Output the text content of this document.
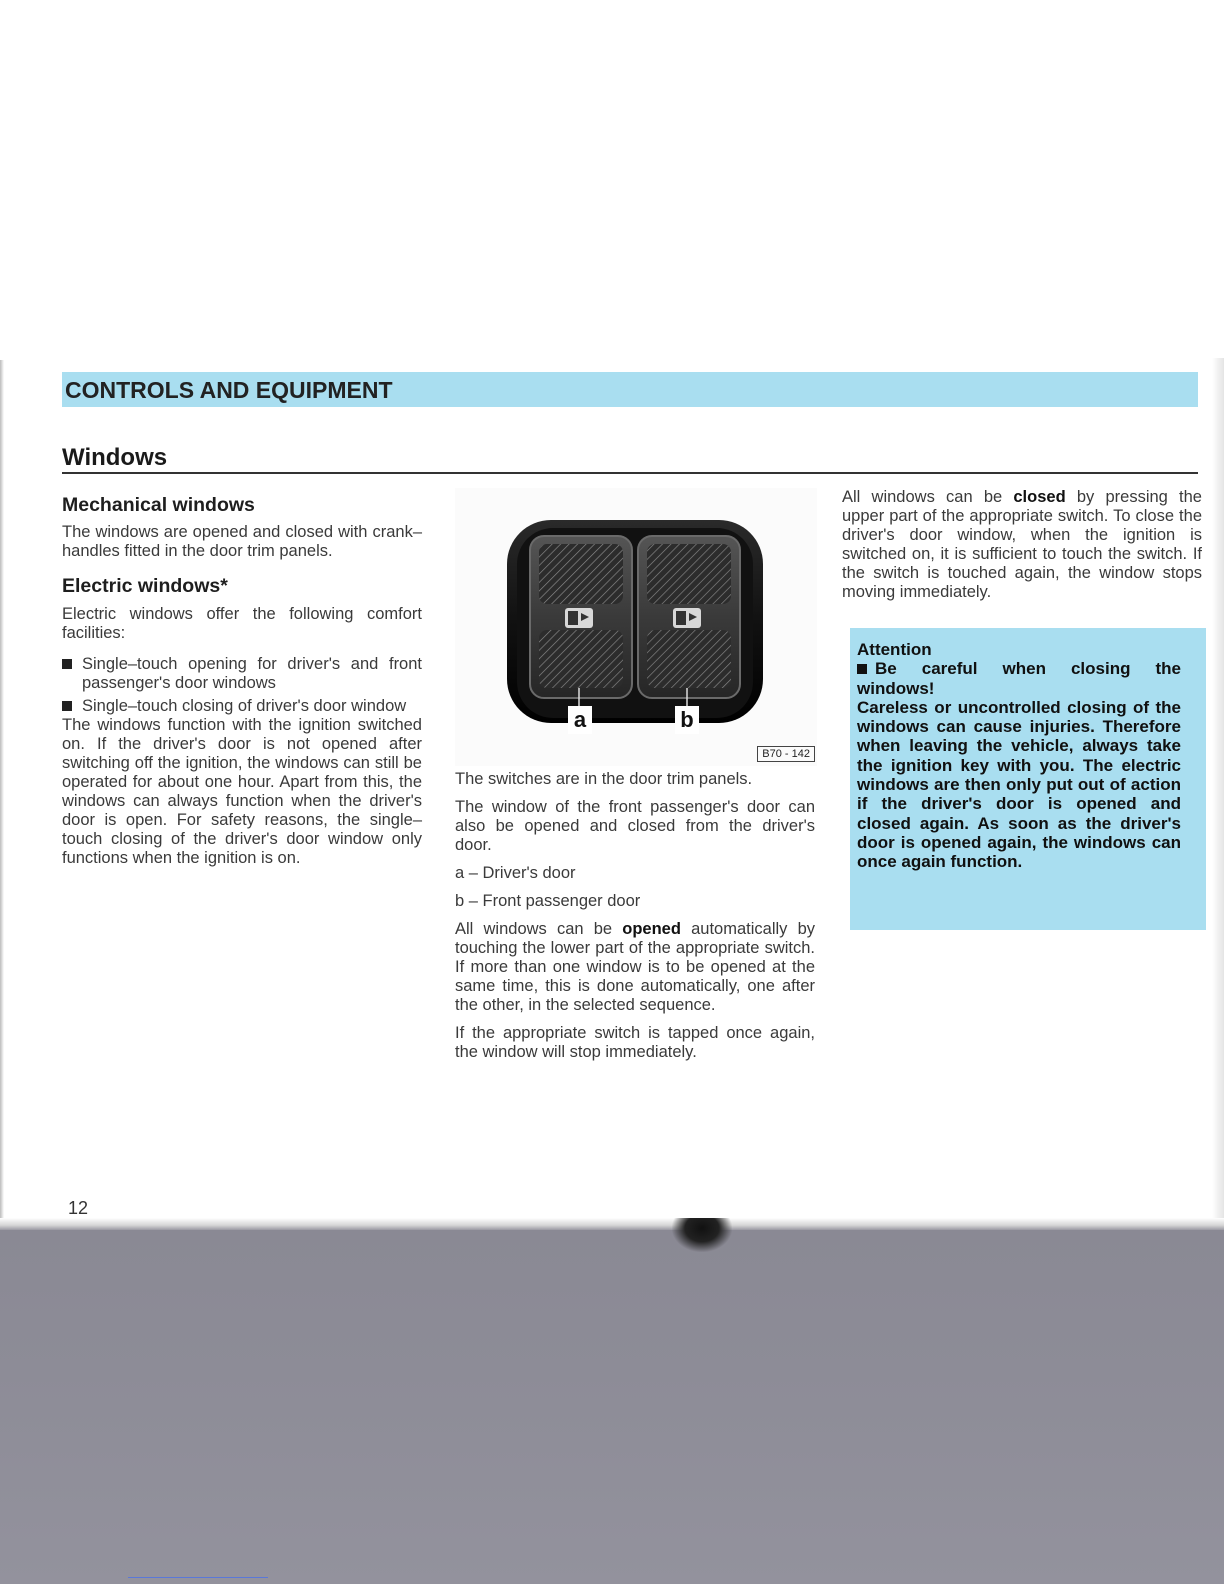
CONTROLS AND EQUIPMENT
Windows

Mechanical windows

The windows are opened and closed with crank–handles fitted in the door trim panels.

Electric windows*

Electric windows offer the following comfort facilities:

Single–touch opening for driver's and front passenger's door windows
Single–touch closing of driver's door window

The windows function with the ignition switched on. If the driver's door is not opened after switching off the ignition, the windows can still be operated for about one hour. Apart from this, the windows can always function when the driver's door is open. For safety reasons, the single–touch closing of the driver's door window only functions when the ignition is on.

a	b
B70 - 142

The switches are in the door trim panels.

The window of the front passenger's door can also be opened and closed from the driver's door.

a – Driver's door

b – Front passenger door

All windows can be opened automatically by touching the lower part of the appropriate switch. If more than one window is to be opened at the same time, this is done automatically, one after the other, in the selected sequence.

If the appropriate switch is tapped once again, the window will stop immediately.

All windows can be closed by pressing the upper part of the appropriate switch. To close the driver's door window, when the ignition is switched on, it is sufficient to touch the switch. If the switch is touched again, the window stops moving immediately.

Attention

Be careful when closing the windows!

Careless or uncontrolled closing of the windows can cause injuries. Therefore when leaving the vehicle, always take the ignition key with you. The electric windows are then only put out of action if the driver's door is opened and closed again. As soon as the driver's door is opened again, the windows can once again function.

12
